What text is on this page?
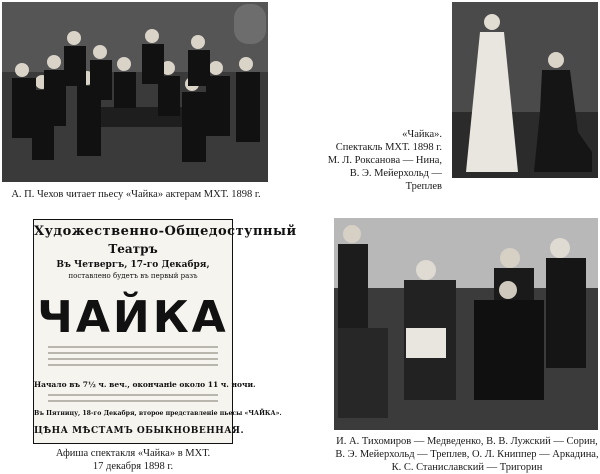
А. П. Чехов читает пьесу «Чайка» актерам МХТ. 1898 г.
«Чайка».
Спектакль МХТ. 1898 г.
М. Л. Роксанова — Нина,
В. Э. Мейерхольд —
Треплев
Художественно-Общедоступный
Театръ
Въ Четвергъ, 17-го Декабря,
поставлено будетъ въ первый разъ
ЧАЙКА
Начало въ 7½ ч. веч., окончаніе около 11 ч. ночи.
Въ Пятницу, 18-го Декабря, второе представленіе пьесы «ЧАЙКА».
ЦѢНА МѢСТАМЪ ОБЫКНОВЕННАЯ.
Афиша спектакля «Чайка» в МХТ.
17 декабря 1898 г.
И. А. Тихомиров — Медведенко, В. В. Лужский — Сорин,
В. Э. Мейерхольд — Треплев, О. Л. Книппер — Аркадина,
К. С. Станиславский — Тригорин
